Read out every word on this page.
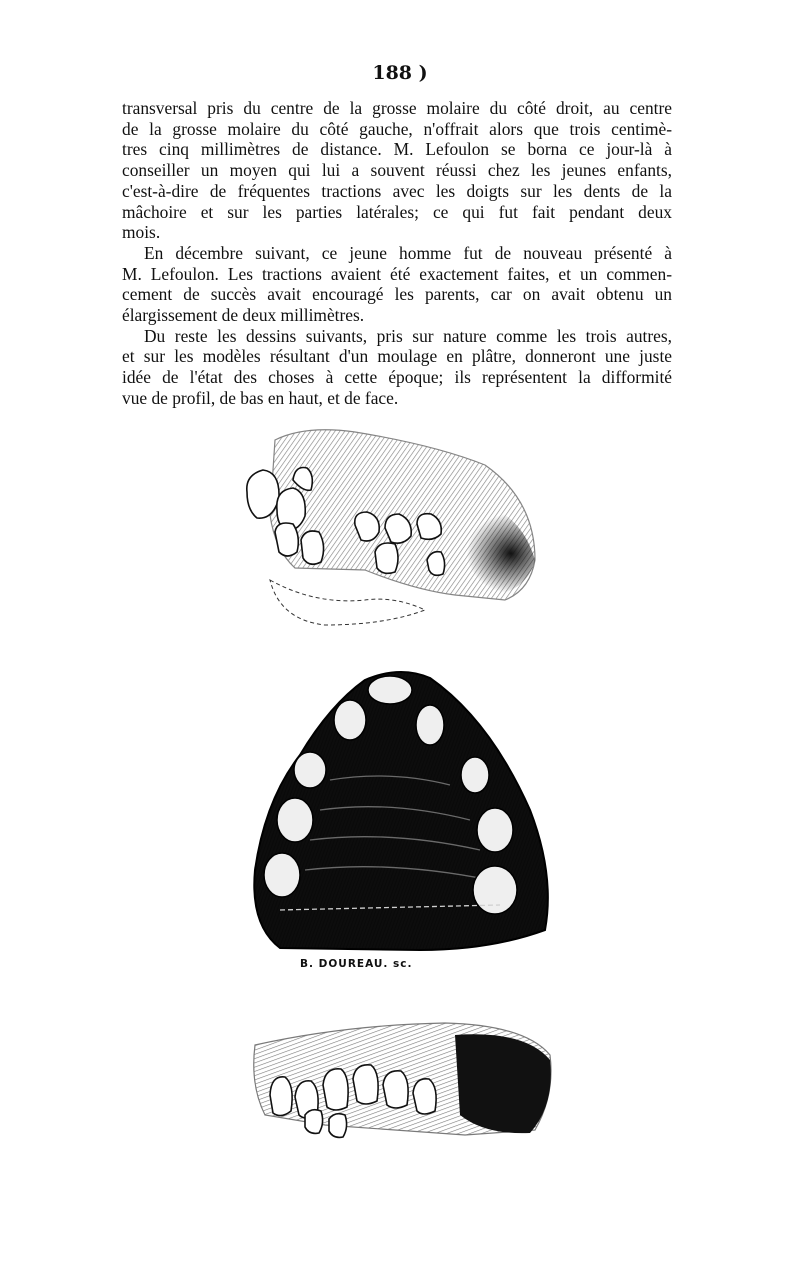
188 )
transversal pris du centre de la grosse molaire du côté droit, au centre
de la grosse molaire du côté gauche, n'offrait alors que trois centimè-
tres cinq millimètres de distance. M. Lefoulon se borna ce jour-là à
conseiller un moyen qui lui a souvent réussi chez les jeunes enfants,
c'est-à-dire de fréquentes tractions avec les doigts sur les dents de la
mâchoire et sur les parties latérales; ce qui fut fait pendant deux
mois.
En décembre suivant, ce jeune homme fut de nouveau présenté à
M. Lefoulon. Les tractions avaient été exactement faites, et un commen-
cement de succès avait encouragé les parents, car on avait obtenu un
élargissement de deux millimètres.
Du reste les dessins suivants, pris sur nature comme les trois autres,
et sur les modèles résultant d'un moulage en plâtre, donneront une juste
idée de l'état des choses à cette époque; ils représentent la difformité
vue de profil, de bas en haut, et de face.
B. DOUREAU. sc.
